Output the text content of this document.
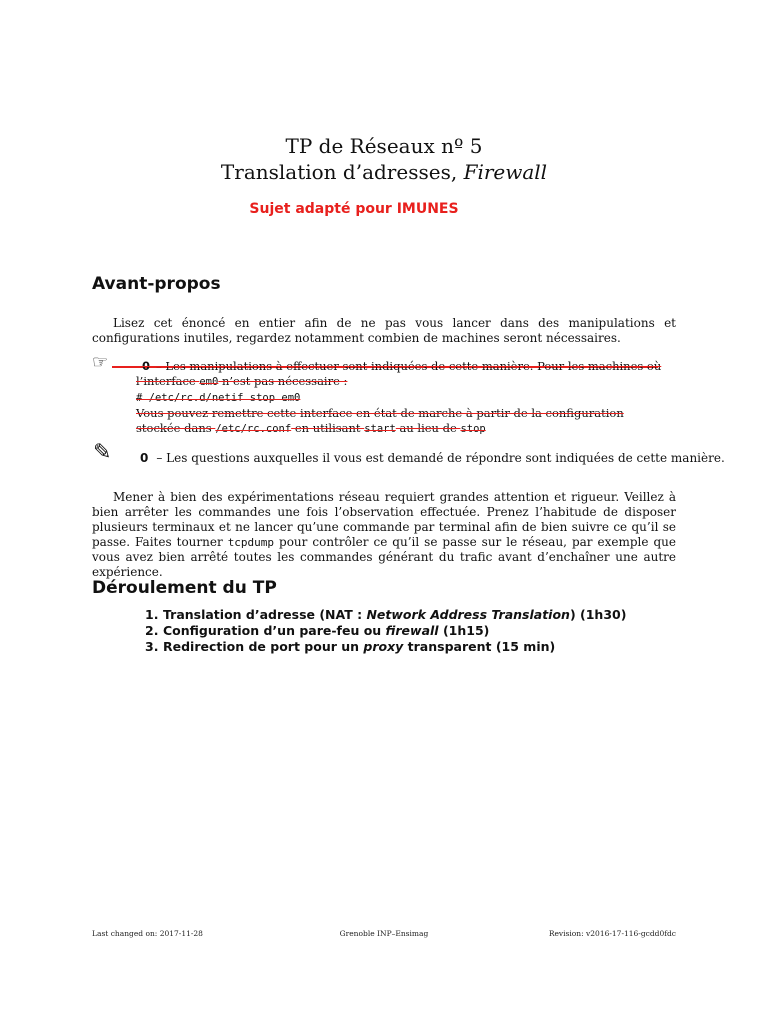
TP de Réseaux nº 5
Translation d’adresses, Firewall
Sujet adapté pour IMUNES
Avant-propos
Lisez cet énoncé en entier afin de ne pas vous lancer dans des manipulations et configurations inutiles, regardez notamment combien de machines seront nécessaires.
☞	0 – Les manipulations à effectuer sont indiquées de cette manière. Pour les machines où l’interface em0 n’est pas nécessaire :
# /etc/rc.d/netif stop em0
Vous pouvez remettre cette interface en état de marche à partir de la configuration stockée dans /etc/rc.conf en utilisant start au lieu de stop
✎ 0 – Les questions auxquelles il vous est demandé de répondre sont indiquées de cette manière.
Mener à bien des expérimentations réseau requiert grandes attention et rigueur. Veillez à bien arrêter les commandes une fois l’observation effectuée. Prenez l’habitude de disposer plusieurs terminaux et ne lancer qu’une commande par terminal afin de bien suivre ce qu’il se passe. Faites tourner tcpdump pour contrôler ce qu’il se passe sur le réseau, par exemple que vous avez bien arrêté toutes les commandes générant du trafic avant d’enchaîner une autre expérience.
Déroulement du TP
1. Translation d’adresse (NAT : Network Address Translation) (1h30)
2. Configuration d’un pare-feu ou firewall (1h15)
3. Redirection de port pour un proxy transparent (15 min)
Last changed on: 2017-11-28	Grenoble INP–Ensimag	Revision: v2016-17-116-gcdd0fdc
